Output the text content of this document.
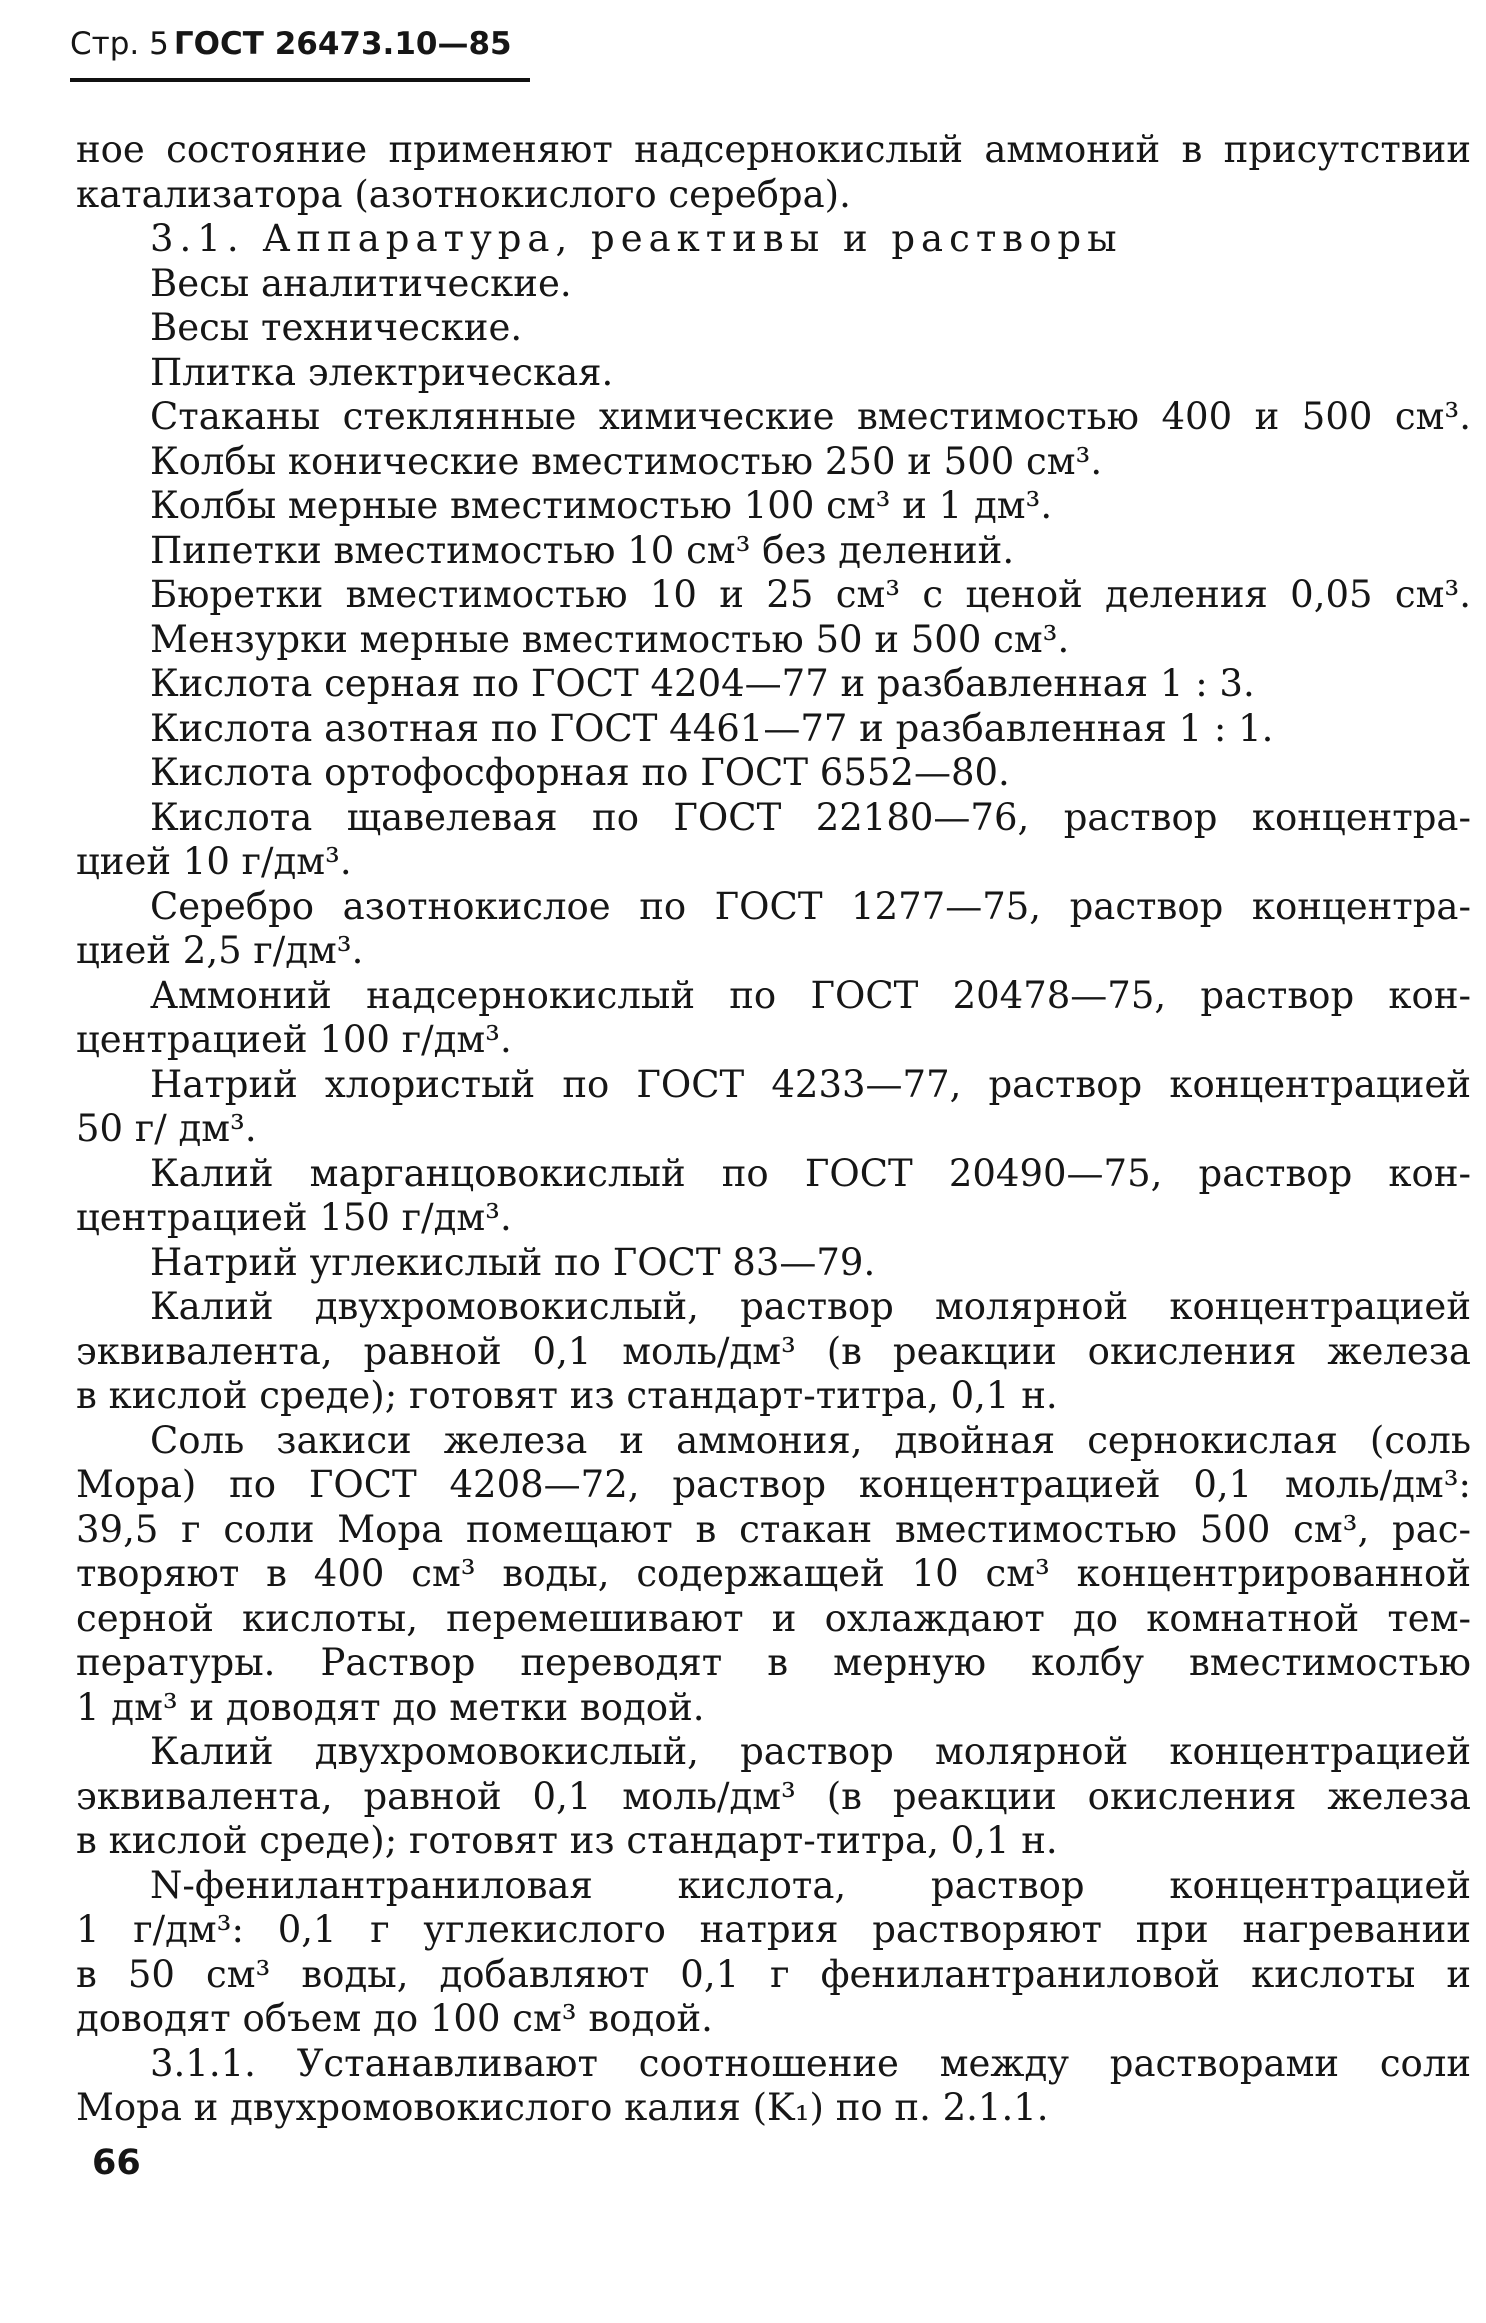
Стр. 5 ГОСТ 26473.10—85
ное состояние применяют надсернокислый аммоний в присутствии
катализатора (азотнокислого серебра).
3.1. Аппаратура, реактивы и растворы
Весы аналитические.
Весы технические.
Плитка электрическая.
Стаканы стеклянные химические вместимостью 400 и 500 см³.
Колбы конические вместимостью 250 и 500 см³.
Колбы мерные вместимостью 100 см³ и 1 дм³.
Пипетки вместимостью 10 см³ без делений.
Бюретки вместимостью 10 и 25 см³ с ценой деления 0,05 см³.
Мензурки мерные вместимостью 50 и 500 см³.
Кислота серная по ГОСТ 4204—77 и разбавленная 1 : 3.
Кислота азотная по ГОСТ 4461—77 и разбавленная 1 : 1.
Кислота ортофосфорная по ГОСТ 6552—80.
Кислота щавелевая по ГОСТ 22180—76, раствор концентра-
цией 10 г/дм³.
Серебро азотнокислое по ГОСТ 1277—75, раствор концентра-
цией 2,5 г/дм³.
Аммоний надсернокислый по ГОСТ 20478—75, раствор кон-
центрацией 100 г/дм³.
Натрий хлористый по ГОСТ 4233—77, раствор концентрацией
50 г/ дм³.
Калий марганцовокислый по ГОСТ 20490—75, раствор кон-
центрацией 150 г/дм³.
Натрий углекислый по ГОСТ 83—79.
Калий двухромовокислый, раствор молярной концентрацией
эквивалента, равной 0,1 моль/дм³ (в реакции окисления железа
в кислой среде); готовят из стандарт-титра, 0,1 н.
Соль закиси железа и аммония, двойная сернокислая (соль
Мора) по ГОСТ 4208—72, раствор концентрацией 0,1 моль/дм³:
39,5 г соли Мора помещают в стакан вместимостью 500 см³, рас-
творяют в 400 см³ воды, содержащей 10 см³ концентрированной
серной кислоты, перемешивают и охлаждают до комнатной тем-
пературы. Раствор переводят в мерную колбу вместимостью
1 дм³ и доводят до метки водой.
Калий двухромовокислый, раствор молярной концентрацией
эквивалента, равной 0,1 моль/дм³ (в реакции окисления железа
в кислой среде); готовят из стандарт-титра, 0,1 н.
N-фенилантраниловая кислота, раствор концентрацией
1 г/дм³: 0,1 г углекислого натрия растворяют при нагревании
в 50 см³ воды, добавляют 0,1 г фенилантраниловой кислоты и
доводят объем до 100 см³ водой.
3.1.1. Устанавливают соотношение между растворами соли
Мора и двухромовокислого калия (K₁) по п. 2.1.1.
66
